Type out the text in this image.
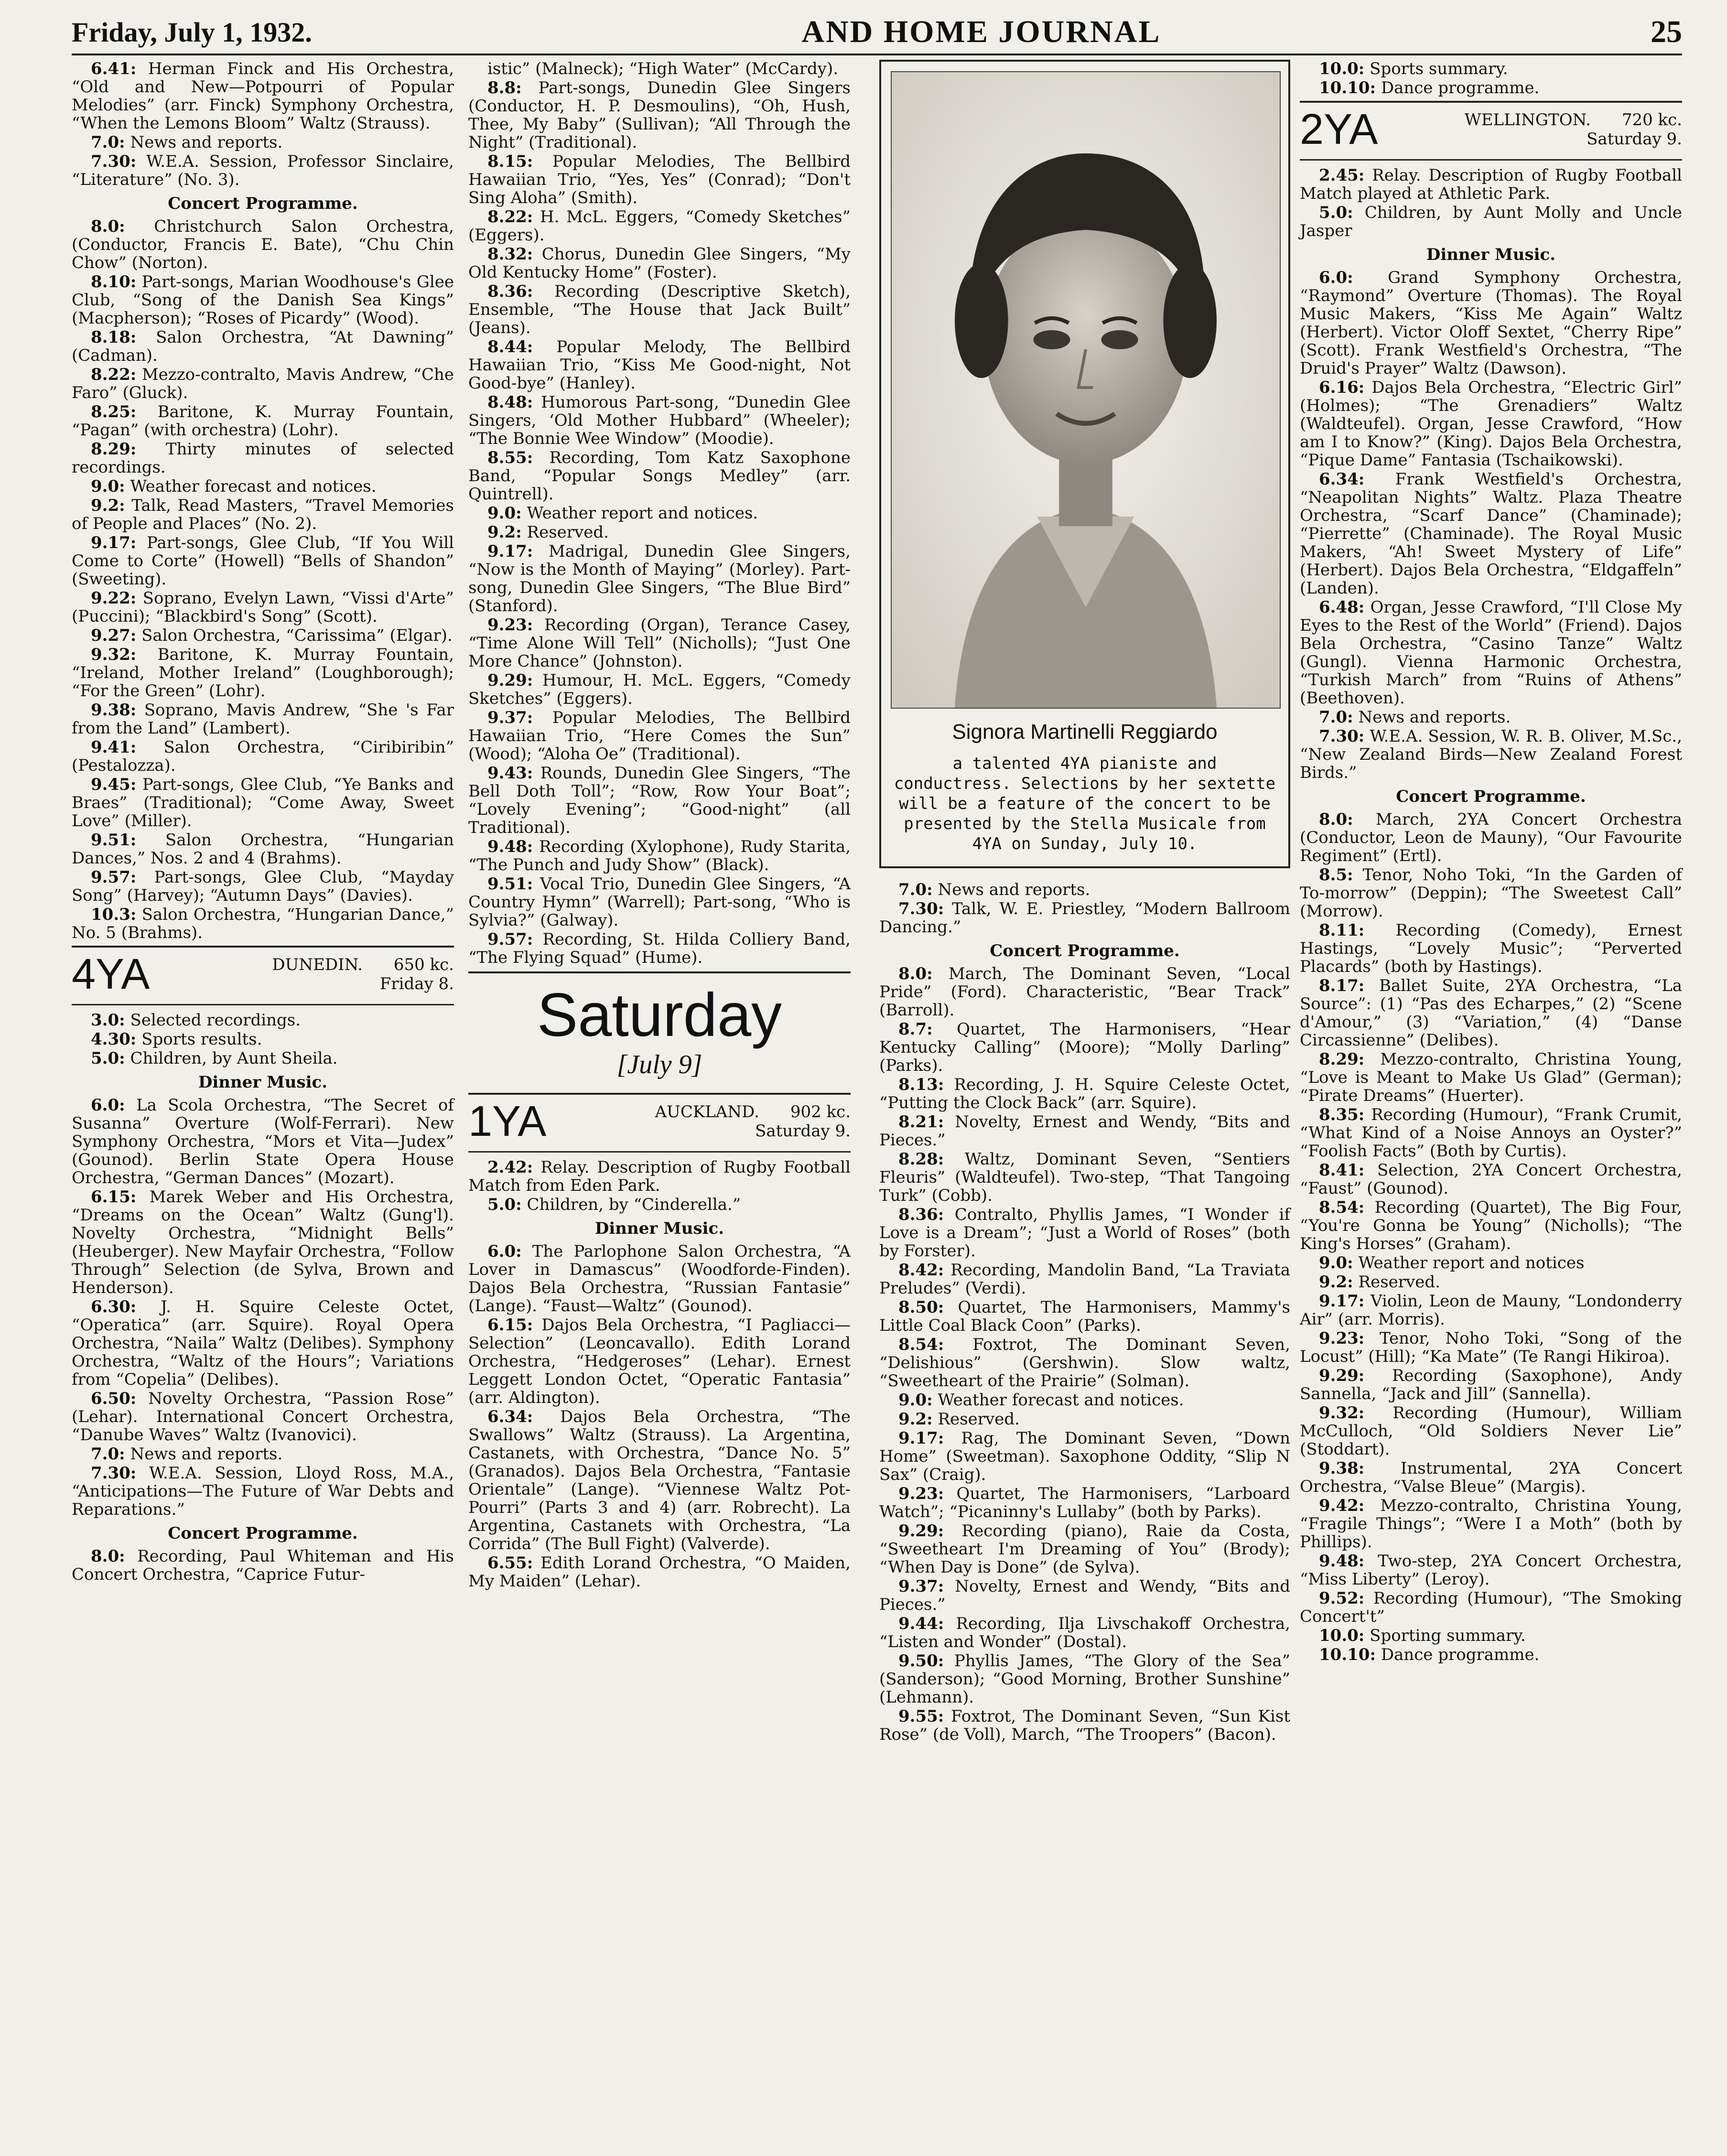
Friday, July 1, 1932.	AND HOME JOURNAL	25

6.41: Herman Finck and His Orchestra, “Old and New—Potpourri of Popular Melodies” (arr. Finck) Symphony Orchestra, “When the Lemons Bloom” Waltz (Strauss).

7.0: News and reports.

7.30: W.E.A. Session, Professor Sinclaire, “Literature” (No. 3).

Concert Programme.

8.0: Christchurch Salon Orchestra, (Conductor, Francis E. Bate), “Chu Chin Chow” (Norton).

8.10: Part-songs, Marian Woodhouse's Glee Club, “Song of the Danish Sea Kings” (Macpherson); “Roses of Picardy” (Wood).

8.18: Salon Orchestra, “At Dawning” (Cadman).

8.22: Mezzo-contralto, Mavis Andrew, “Che Faro” (Gluck).

8.25: Baritone, K. Murray Fountain, “Pagan” (with orchestra) (Lohr).

8.29: Thirty minutes of selected recordings.

9.0: Weather forecast and notices.

9.2: Talk, Read Masters, “Travel Memories of People and Places” (No. 2).

9.17: Part-songs, Glee Club, “If You Will Come to Corte” (Howell) “Bells of Shandon” (Sweeting).

9.22: Soprano, Evelyn Lawn, “Vissi d'Arte” (Puccini); “Blackbird's Song” (Scott).

9.27: Salon Orchestra, “Carissima” (Elgar).

9.32: Baritone, K. Murray Fountain, “Ireland, Mother Ireland” (Loughborough); “For the Green” (Lohr).

9.38: Soprano, Mavis Andrew, “She 's Far from the Land” (Lambert).

9.41: Salon Orchestra, “Ciribiribin” (Pestalozza).

9.45: Part-songs, Glee Club, “Ye Banks and Braes” (Traditional); “Come Away, Sweet Love” (Miller).

9.51: Salon Orchestra, “Hungarian Dances,” Nos. 2 and 4 (Brahms).

9.57: Part-songs, Glee Club, “Mayday Song” (Harvey); “Autumn Days” (Davies).

10.3: Salon Orchestra, “Hungarian Dance,” No. 5 (Brahms).

4YA	DUNEDIN. 650 kc.
Friday 8.

3.0: Selected recordings.

4.30: Sports results.

5.0: Children, by Aunt Sheila.

Dinner Music.

6.0: La Scola Orchestra, “The Secret of Susanna” Overture (Wolf-Ferrari). New Symphony Orchestra, “Mors et Vita—Judex” (Gounod). Berlin State Opera House Orchestra, “German Dances” (Mozart).

6.15: Marek Weber and His Orchestra, “Dreams on the Ocean” Waltz (Gung'l). Novelty Orchestra, “Midnight Bells” (Heuberger). New Mayfair Orchestra, “Follow Through” Selection (de Sylva, Brown and Henderson).

6.30: J. H. Squire Celeste Octet, “Operatica” (arr. Squire). Royal Opera Orchestra, “Naila” Waltz (Delibes). Symphony Orchestra, “Waltz of the Hours”; Variations from “Copelia” (Delibes).

6.50: Novelty Orchestra, “Passion Rose” (Lehar). International Concert Orchestra, “Danube Waves” Waltz (Ivanovici).

7.0: News and reports.

7.30: W.E.A. Session, Lloyd Ross, M.A., “Anticipations—The Future of War Debts and Reparations.”

Concert Programme.

8.0: Recording, Paul Whiteman and His Concert Orchestra, “Caprice Futur-

istic” (Malneck); “High Water” (McCardy).

8.8: Part-songs, Dunedin Glee Singers (Conductor, H. P. Desmoulins), “Oh, Hush, Thee, My Baby” (Sullivan); “All Through the Night” (Traditional).

8.15: Popular Melodies, The Bellbird Hawaiian Trio, “Yes, Yes” (Conrad); “Don't Sing Aloha” (Smith).

8.22: H. McL. Eggers, “Comedy Sketches” (Eggers).

8.32: Chorus, Dunedin Glee Singers, “My Old Kentucky Home” (Foster).

8.36: Recording (Descriptive Sketch), Ensemble, “The House that Jack Built” (Jeans).

8.44: Popular Melody, The Bellbird Hawaiian Trio, “Kiss Me Good-night, Not Good-bye” (Hanley).

8.48: Humorous Part-song, “Dunedin Glee Singers, ‘Old Mother Hubbard” (Wheeler); “The Bonnie Wee Window” (Moodie).

8.55: Recording, Tom Katz Saxophone Band, “Popular Songs Medley” (arr. Quintrell).

9.0: Weather report and notices.

9.2: Reserved.

9.17: Madrigal, Dunedin Glee Singers, “Now is the Month of Maying” (Morley). Part-song, Dunedin Glee Singers, “The Blue Bird” (Stanford).

9.23: Recording (Organ), Terance Casey, “Time Alone Will Tell” (Nicholls); “Just One More Chance” (Johnston).

9.29: Humour, H. McL. Eggers, “Comedy Sketches” (Eggers).

9.37: Popular Melodies, The Bellbird Hawaiian Trio, “Here Comes the Sun” (Wood); “Aloha Oe” (Traditional).

9.43: Rounds, Dunedin Glee Singers, “The Bell Doth Toll”; “Row, Row Your Boat”; “Lovely Evening”; “Good-night” (all Traditional).

9.48: Recording (Xylophone), Rudy Starita, “The Punch and Judy Show” (Black).

9.51: Vocal Trio, Dunedin Glee Singers, “A Country Hymn” (Warrell); Part-song, “Who is Sylvia?” (Galway).

9.57: Recording, St. Hilda Colliery Band, “The Flying Squad” (Hume).

Saturday
[July 9]
1YA	AUCKLAND. 902 kc.
Saturday 9.

2.42: Relay. Description of Rugby Football Match from Eden Park.

5.0: Children, by “Cinderella.”

Dinner Music.

6.0: The Parlophone Salon Orchestra, “A Lover in Damascus” (Woodforde-Finden). Dajos Bela Orchestra, “Russian Fantasie” (Lange). “Faust—Waltz” (Gounod).

6.15: Dajos Bela Orchestra, “I Pagliacci—Selection” (Leoncavallo). Edith Lorand Orchestra, “Hedgeroses” (Lehar). Ernest Leggett London Octet, “Operatic Fantasia” (arr. Aldington).

6.34: Dajos Bela Orchestra, “The Swallows” Waltz (Strauss). La Argentina, Castanets, with Orchestra, “Dance No. 5” (Granados). Dajos Bela Orchestra, “Fantasie Orientale” (Lange). “Viennese Waltz Pot-Pourri” (Parts 3 and 4) (arr. Robrecht). La Argentina, Castanets with Orchestra, “La Corrida” (The Bull Fight) (Valverde).

6.55: Edith Lorand Orchestra, “O Maiden, My Maiden” (Lehar).

Signora Martinelli Reggiardo
a talented 4YA pianiste and conductress. Selections by her sextette will be a feature of the concert to be presented by the Stella Musicale from 4YA on Sunday, July 10.

7.0: News and reports.

7.30: Talk, W. E. Priestley, “Modern Ballroom Dancing.”

Concert Programme.

8.0: March, The Dominant Seven, “Local Pride” (Ford). Characteristic, “Bear Track” (Barroll).

8.7: Quartet, The Harmonisers, “Hear Kentucky Calling” (Moore); “Molly Darling” (Parks).

8.13: Recording, J. H. Squire Celeste Octet, “Putting the Clock Back” (arr. Squire).

8.21: Novelty, Ernest and Wendy, “Bits and Pieces.”

8.28: Waltz, Dominant Seven, “Sentiers Fleuris” (Waldteufel). Two-step, “That Tangoing Turk” (Cobb).

8.36: Contralto, Phyllis James, “I Wonder if Love is a Dream”; “Just a World of Roses” (both by Forster).

8.42: Recording, Mandolin Band, “La Traviata Preludes” (Verdi).

8.50: Quartet, The Harmonisers, Mammy's Little Coal Black Coon” (Parks).

8.54: Foxtrot, The Dominant Seven, “Delishious” (Gershwin). Slow waltz, “Sweetheart of the Prairie” (Solman).

9.0: Weather forecast and notices.

9.2: Reserved.

9.17: Rag, The Dominant Seven, “Down Home” (Sweetman). Saxophone Oddity, “Slip N Sax” (Craig).

9.23: Quartet, The Harmonisers, “Larboard Watch”; “Picaninny's Lullaby” (both by Parks).

9.29: Recording (piano), Raie da Costa, “Sweetheart I'm Dreaming of You” (Brody); “When Day is Done” (de Sylva).

9.37: Novelty, Ernest and Wendy, “Bits and Pieces.”

9.44: Recording, Ilja Livschakoff Orchestra, “Listen and Wonder” (Dostal).

9.50: Phyllis James, “The Glory of the Sea” (Sanderson); “Good Morning, Brother Sunshine” (Lehmann).

9.55: Foxtrot, The Dominant Seven, “Sun Kist Rose” (de Voll), March, “The Troopers” (Bacon).

10.0: Sports summary.

10.10: Dance programme.

2YA	WELLINGTON. 720 kc.
Saturday 9.

2.45: Relay. Description of Rugby Football Match played at Athletic Park.

5.0: Children, by Aunt Molly and Uncle Jasper

Dinner Music.

6.0: Grand Symphony Orchestra, “Raymond” Overture (Thomas). The Royal Music Makers, “Kiss Me Again” Waltz (Herbert). Victor Oloff Sextet, “Cherry Ripe” (Scott). Frank Westfield's Orchestra, “The Druid's Prayer” Waltz (Dawson).

6.16: Dajos Bela Orchestra, “Electric Girl” (Holmes); “The Grenadiers” Waltz (Waldteufel). Organ, Jesse Crawford, “How am I to Know?” (King). Dajos Bela Orchestra, “Pique Dame” Fantasia (Tschaikowski).

6.34: Frank Westfield's Orchestra, “Neapolitan Nights” Waltz. Plaza Theatre Orchestra, “Scarf Dance” (Chaminade); “Pierrette” (Chaminade). The Royal Music Makers, “Ah! Sweet Mystery of Life” (Herbert). Dajos Bela Orchestra, “Eldgaffeln” (Landen).

6.48: Organ, Jesse Crawford, “I'll Close My Eyes to the Rest of the World” (Friend). Dajos Bela Orchestra, “Casino Tanze” Waltz (Gungl). Vienna Harmonic Orchestra, “Turkish March” from “Ruins of Athens” (Beethoven).

7.0: News and reports.

7.30: W.E.A. Session, W. R. B. Oliver, M.Sc., “New Zealand Birds—New Zealand Forest Birds.”

Concert Programme.

8.0: March, 2YA Concert Orchestra (Conductor, Leon de Mauny), “Our Favourite Regiment” (Ertl).

8.5: Tenor, Noho Toki, “In the Garden of To-morrow” (Deppin); “The Sweetest Call” (Morrow).

8.11: Recording (Comedy), Ernest Hastings, “Lovely Music”; “Perverted Placards” (both by Hastings).

8.17: Ballet Suite, 2YA Orchestra, “La Source”: (1) “Pas des Echarpes,” (2) “Scene d'Amour,” (3) “Variation,” (4) “Danse Circassienne” (Delibes).

8.29: Mezzo-contralto, Christina Young, “Love is Meant to Make Us Glad” (German); “Pirate Dreams” (Huerter).

8.35: Recording (Humour), “Frank Crumit, “What Kind of a Noise Annoys an Oyster?” “Foolish Facts” (Both by Curtis).

8.41: Selection, 2YA Concert Orchestra, “Faust” (Gounod).

8.54: Recording (Quartet), The Big Four, “You're Gonna be Young” (Nicholls); “The King's Horses” (Graham).

9.0: Weather report and notices

9.2: Reserved.

9.17: Violin, Leon de Mauny, “Londonderry Air” (arr. Morris).

9.23: Tenor, Noho Toki, “Song of the Locust” (Hill); “Ka Mate” (Te Rangi Hikiroa).

9.29: Recording (Saxophone), Andy Sannella, “Jack and Jill” (Sannella).

9.32: Recording (Humour), William McCulloch, “Old Soldiers Never Lie” (Stoddart).

9.38: Instrumental, 2YA Concert Orchestra, “Valse Bleue” (Margis).

9.42: Mezzo-contralto, Christina Young, “Fragile Things”; “Were I a Moth” (both by Phillips).

9.48: Two-step, 2YA Concert Orchestra, “Miss Liberty” (Leroy).

9.52: Recording (Humour), “The Smoking Concert't”

10.0: Sporting summary.

10.10: Dance programme.
